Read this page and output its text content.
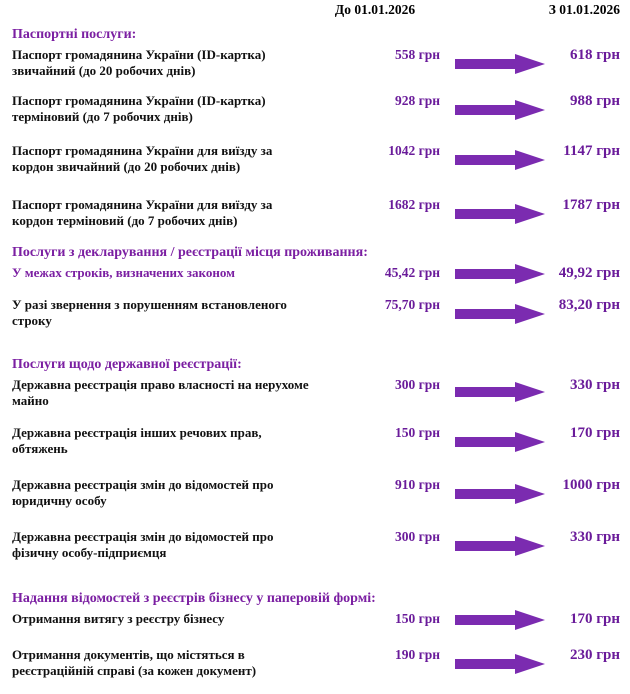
До 01.01.2026	З 01.01.2026
Паспортні послуги:
Паспорт громадянина України (ID-картка) звичайний (до 20 робочих днів)
558 грн	618 грн
Паспорт громадянина України (ID-картка) терміновий (до 7 робочих днів)
928 грн	988 грн
Паспорт громадянина України для виїзду за кордон звичайний (до 20 робочих днів)
1042 грн	1147 грн
Паспорт громадянина України для виїзду за кордон терміновий (до 7 робочих днів)
1682 грн	1787 грн
Послуги з декларування / реєстрації місця проживання:
У межах строків, визначених законом	45,42 грн	49,92 грн
У разі звернення з порушенням встановленого строку
75,70 грн	83,20 грн
Послуги щодо державної реєстрації:
Державна реєстрація право власності на нерухоме майно
300 грн	330 грн
Державна реєстрація інших речових прав, обтяжень
150 грн	170 грн
Державна реєстрація змін до відомостей про юридичну особу
910 грн	1000 грн
Державна реєстрація змін до відомостей про фізичну особу-підприємця
300 грн	330 грн
Надання відомостей з реєстрів бізнесу у паперовій формі:
Отримання витягу з реєстру бізнесу	150 грн	170 грн
Отримання документів, що містяться в реєстраційній справі (за кожен документ)
190 грн	230 грн
